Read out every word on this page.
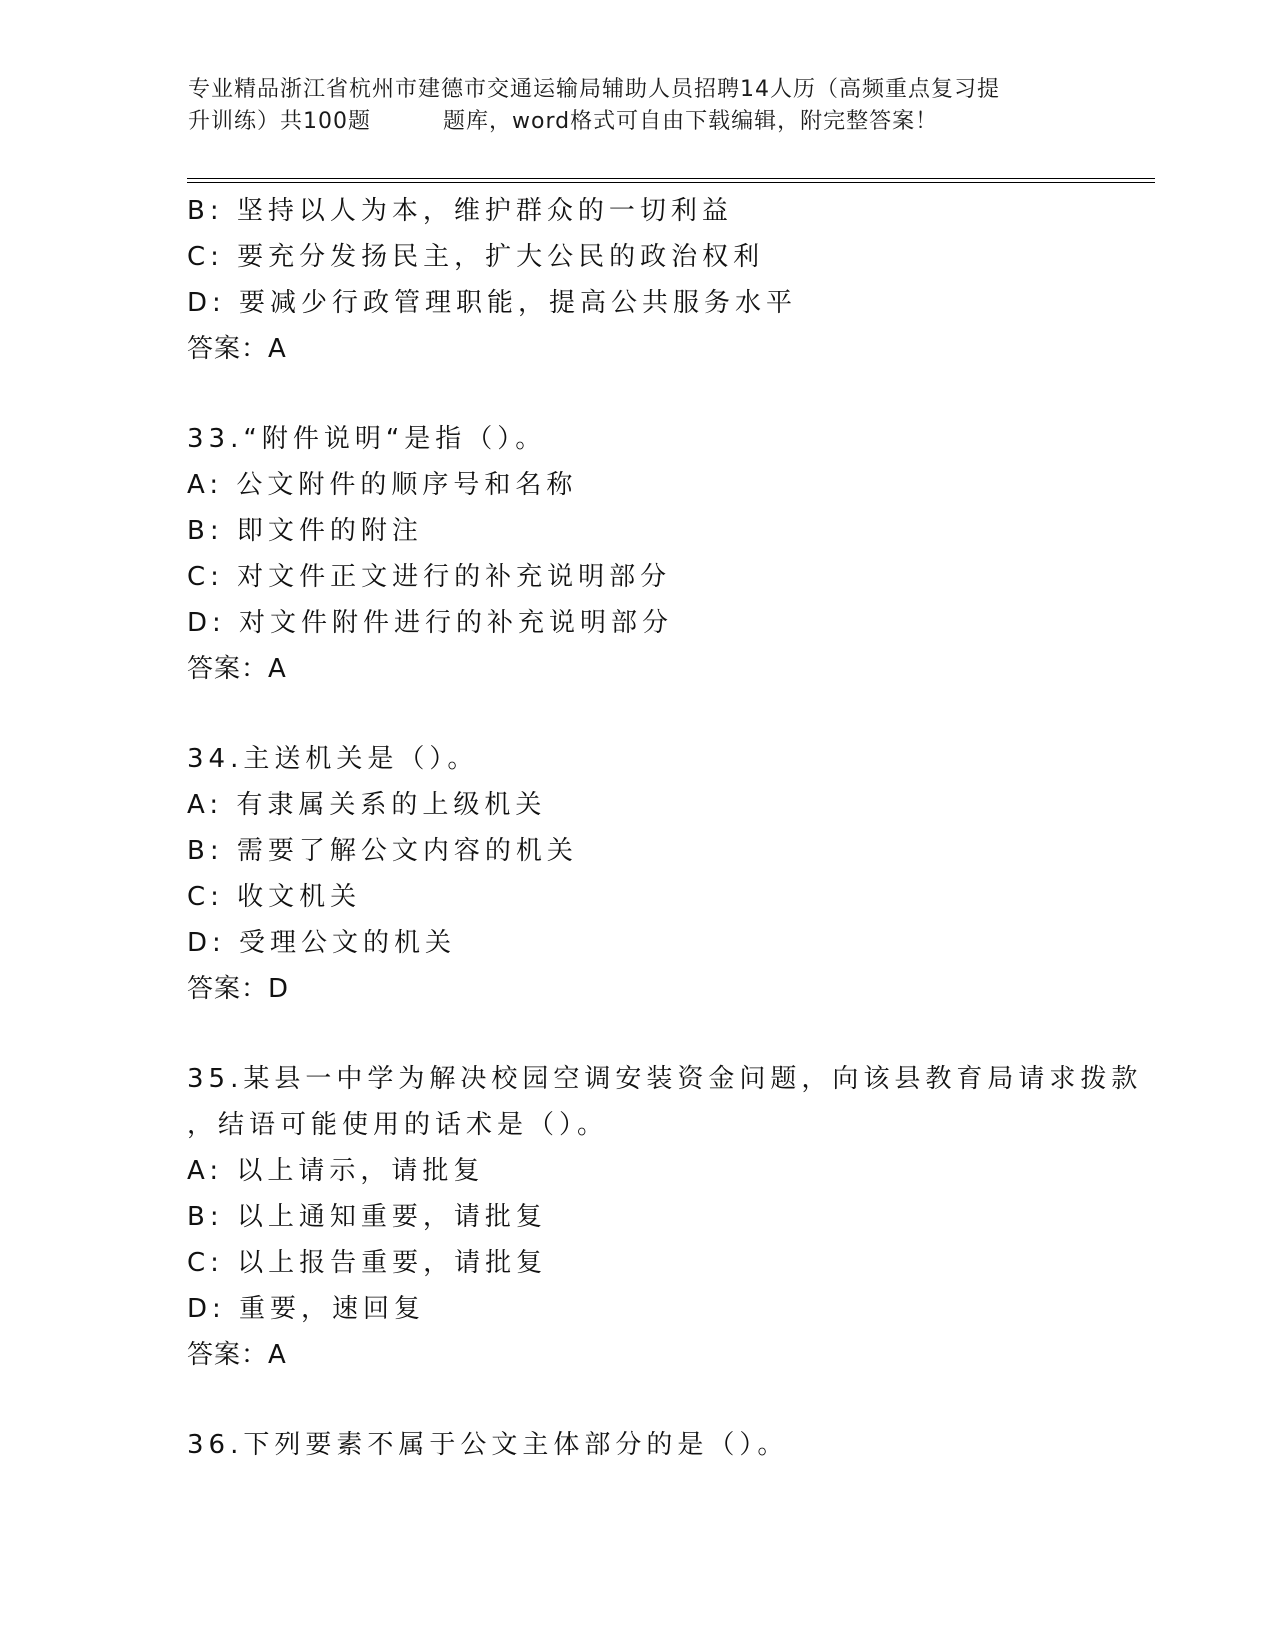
专业精品浙江省杭州市建德市交通运输局辅助人员招聘14人历（高频重点复习提
升训练）共100题	题库，word格式可自由下载编辑，附完整答案！
B: 坚持以人为本，维护群众的一切利益
C: 要充分发扬民主，扩大公民的政治权利
D: 要减少行政管理职能，提高公共服务水平
答案：A
33.“附件说明“是指（）。
A: 公文附件的顺序号和名称
B: 即文件的附注
C: 对文件正文进行的补充说明部分
D: 对文件附件进行的补充说明部分
答案：A
34.主送机关是（）。
A: 有隶属关系的上级机关
B: 需要了解公文内容的机关
C: 收文机关
D: 受理公文的机关
答案：D
35.某县一中学为解决校园空调安装资金问题，向该县教育局请求拨款
，结语可能使用的话术是（）。
A: 以上请示，请批复
B: 以上通知重要，请批复
C: 以上报告重要，请批复
D: 重要，速回复
答案：A
36.下列要素不属于公文主体部分的是（）。
